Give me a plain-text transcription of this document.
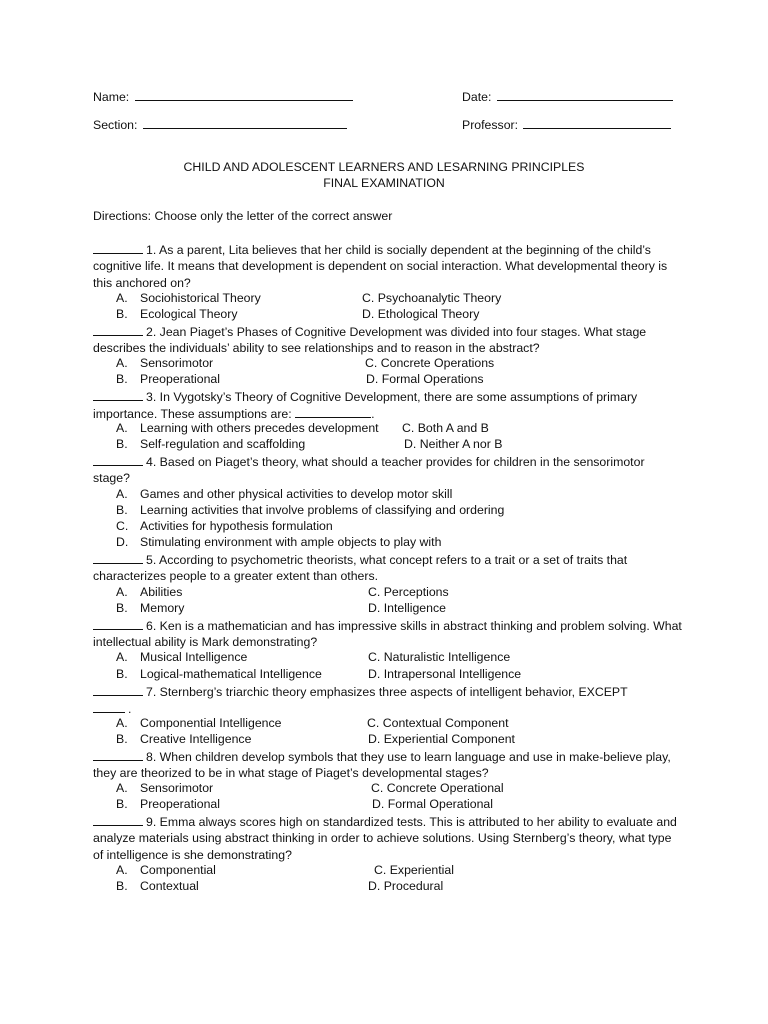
Name:	Date:
Section:	Professor:
CHILD AND ADOLESCENT LEARNERS AND LESARNING PRINCIPLES
FINAL EXAMINATION
Directions: Choose only the letter of the correct answer
1. As a parent, Lita believes that her child is socially dependent at the beginning of the child’s cognitive life. It means that development is dependent on social interaction. What developmental theory is this anchored on?
A. Sociohistorical Theory	C. Psychoanalytic Theory
B. Ecological Theory	D. Ethological Theory
2. Jean Piaget’s Phases of Cognitive Development was divided into four stages. What stage describes the individuals’ ability to see relationships and to reason in the abstract?
A. Sensorimotor	C. Concrete Operations
B. Preoperational	D. Formal Operations
3. In Vygotsky’s Theory of Cognitive Development, there are some assumptions of primary importance. These assumptions are:	.
A. Learning with others precedes development C. Both A and B
B. Self-regulation and scaffolding	D. Neither A nor B
4. Based on Piaget’s theory, what should a teacher provides for children in the sensorimotor stage?
A. Games and other physical activities to develop motor skill
B. Learning activities that involve problems of classifying and ordering
C. Activities for hypothesis formulation
D. Stimulating environment with ample objects to play with
5. According to psychometric theorists, what concept refers to a trait or a set of traits that characterizes people to a greater extent than others.
A. Abilities	C. Perceptions
B. Memory	D. Intelligence
6. Ken is a mathematician and has impressive skills in abstract thinking and problem solving. What intellectual ability is Mark demonstrating?
A. Musical Intelligence	C. Naturalistic Intelligence
B. Logical-mathematical Intelligence	D. Intrapersonal Intelligence
7. Sternberg’s triarchic theory emphasizes three aspects of intelligent behavior, EXCEPT
.
A. Componential Intelligence	C. Contextual Component
B. Creative Intelligence	D. Experiential Component
8. When children develop symbols that they use to learn language and use in make-believe play, they are theorized to be in what stage of Piaget’s developmental stages?
A. Sensorimotor	C. Concrete Operational
B. Preoperational	D. Formal Operational
9. Emma always scores high on standardized tests. This is attributed to her ability to evaluate and analyze materials using abstract thinking in order to achieve solutions. Using Sternberg’s theory, what type of intelligence is she demonstrating?
A. Componential	C. Experiential
B. Contextual	D. Procedural
